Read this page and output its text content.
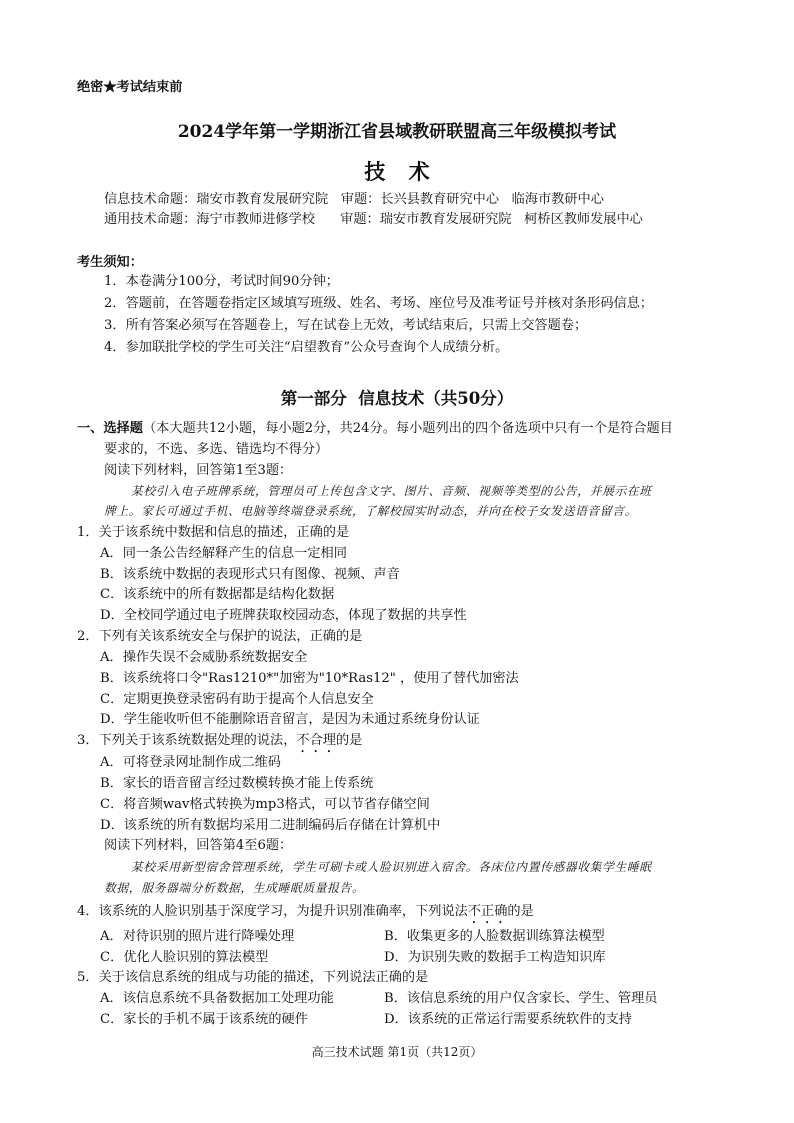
绝密★考试结束前
2024学年第一学期浙江省县域教研联盟高三年级模拟考试
技 术
信息技术命题：瑞安市教育发展研究院   审题：长兴县教育研究中心   临海市教研中心
通用技术命题：海宁市教师进修学校      审题：瑞安市教育发展研究院   柯桥区教师发展中心
考生须知：
1．本卷满分100分，考试时间90分钟；
2．答题前，在答题卷指定区域填写班级、姓名、考场、座位号及准考证号并核对条形码信息；
3．所有答案必须写在答题卷上，写在试卷上无效，考试结束后，只需上交答题卷；
4．参加联批学校的学生可关注“启望教育”公众号查询个人成绩分析。
第一部分  信息技术（共50分）
一、选择题（本大题共12小题，每小题2分，共24分。每小题列出的四个备选项中只有一个是符合题目
要求的，不选、多选、错选均不得分）
阅读下列材料，回答第1至3题：
某校引入电子班牌系统，管理员可上传包含文字、图片、音频、视频等类型的公告，并展示在班
牌上。家长可通过手机、电脑等终端登录系统，了解校园实时动态，并向在校子女发送语音留言。
1．关于该系统中数据和信息的描述，正确的是
A．同一条公告经解释产生的信息一定相同
B．该系统中数据的表现形式只有图像、视频、声音
C．该系统中的所有数据都是结构化数据
D．全校同学通过电子班牌获取校园动态，体现了数据的共享性
2．下列有关该系统安全与保护的说法，正确的是
A．操作失误不会威胁系统数据安全
B．该系统将口令"Ras1210*"加密为"10*Ras12" ，使用了替代加密法
C．定期更换登录密码有助于提高个人信息安全
D．学生能收听但不能删除语音留言，是因为未通过系统身份认证
3．下列关于该系统数据处理的说法，不合理的是
A．可将登录网址制作成二维码
B．家长的语音留言经过数模转换才能上传系统
C．将音频wav格式转换为mp3格式，可以节省存储空间
D．该系统的所有数据均采用二进制编码后存储在计算机中
阅读下列材料，回答第4至6题：
某校采用新型宿舍管理系统，学生可刷卡或人脸识别进入宿舍。各床位内置传感器收集学生睡眠
数据，服务器端分析数据，生成睡眠质量报告。
4．该系统的人脸识别基于深度学习，为提升识别准确率，下列说法不正确的是
A．对待识别的照片进行降噪处理	B．收集更多的人脸数据训练算法模型
C．优化人脸识别的算法模型	D．为识别失败的数据手工构造知识库
5．关于该信息系统的组成与功能的描述，下列说法正确的是
A．该信息系统不具备数据加工处理功能	B．该信息系统的用户仅含家长、学生、管理员
C．家长的手机不属于该系统的硬件	D．该系统的正常运行需要系统软件的支持
高三技术试题 第1页（共12页）
